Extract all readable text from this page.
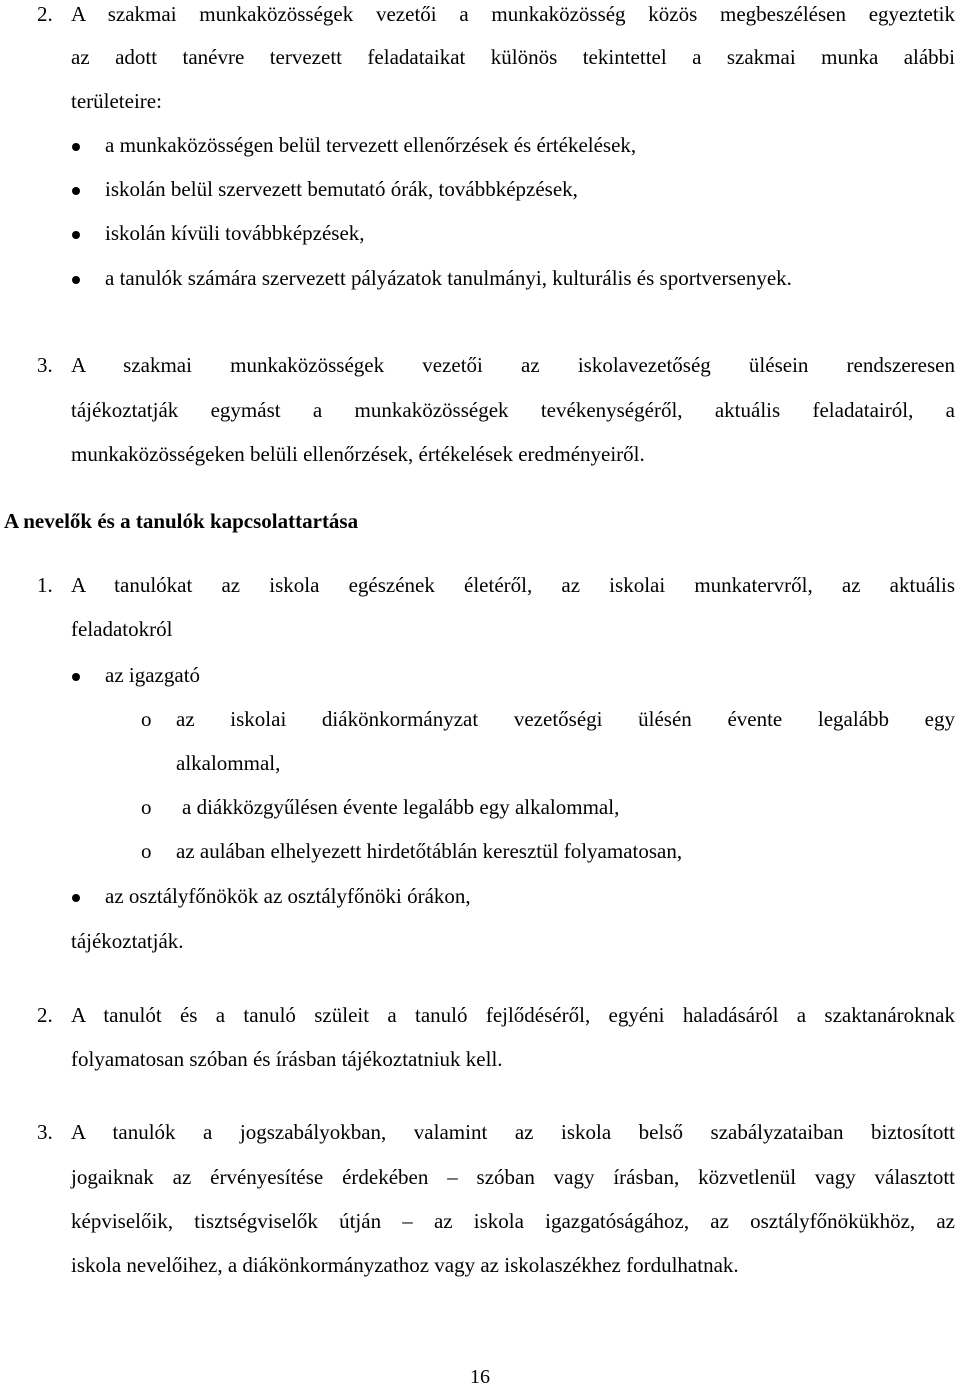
2. A szakmai munkaközösségek vezetői a munkaközösség közös megbeszélésen egyeztetik
az adott tanévre tervezett feladataikat különös tekintettel a szakmai munka alábbi
területeire:
a munkaközösségen belül tervezett ellenőrzések és értékelések,
iskolán belül szervezett bemutató órák, továbbképzések,
iskolán kívüli továbbképzések,
a tanulók számára szervezett pályázatok tanulmányi, kulturális és sportversenyek.
3. A szakmai munkaközösségek vezetői az iskolavezetőség ülésein rendszeresen
tájékoztatják egymást a munkaközösségek tevékenységéről, aktuális feladatairól, a
munkaközösségeken belüli ellenőrzések, értékelések eredményeiről.
A nevelők és a tanulók kapcsolattartása
1. A tanulókat az iskola egészének életéről, az iskolai munkatervről, az aktuális
feladatokról
az igazgató
o az iskolai diákönkormányzat vezetőségi ülésén évente legalább egy
alkalommal,
o a diákközgyűlésen évente legalább egy alkalommal,
o az aulában elhelyezett hirdetőtáblán keresztül folyamatosan,
az osztályfőnökök az osztályfőnöki órákon,
tájékoztatják.
2. A tanulót és a tanuló szüleit a tanuló fejlődéséről, egyéni haladásáról a szaktanároknak
folyamatosan szóban és írásban tájékoztatniuk kell.
3. A tanulók a jogszabályokban, valamint az iskola belső szabályzataiban biztosított
jogaiknak az érvényesítése érdekében – szóban vagy írásban, közvetlenül vagy választott
képviselőik, tisztségviselők útján – az iskola igazgatóságához, az osztályfőnökükhöz, az
iskola nevelőihez, a diákönkormányzathoz vagy az iskolaszékhez fordulhatnak.
16
